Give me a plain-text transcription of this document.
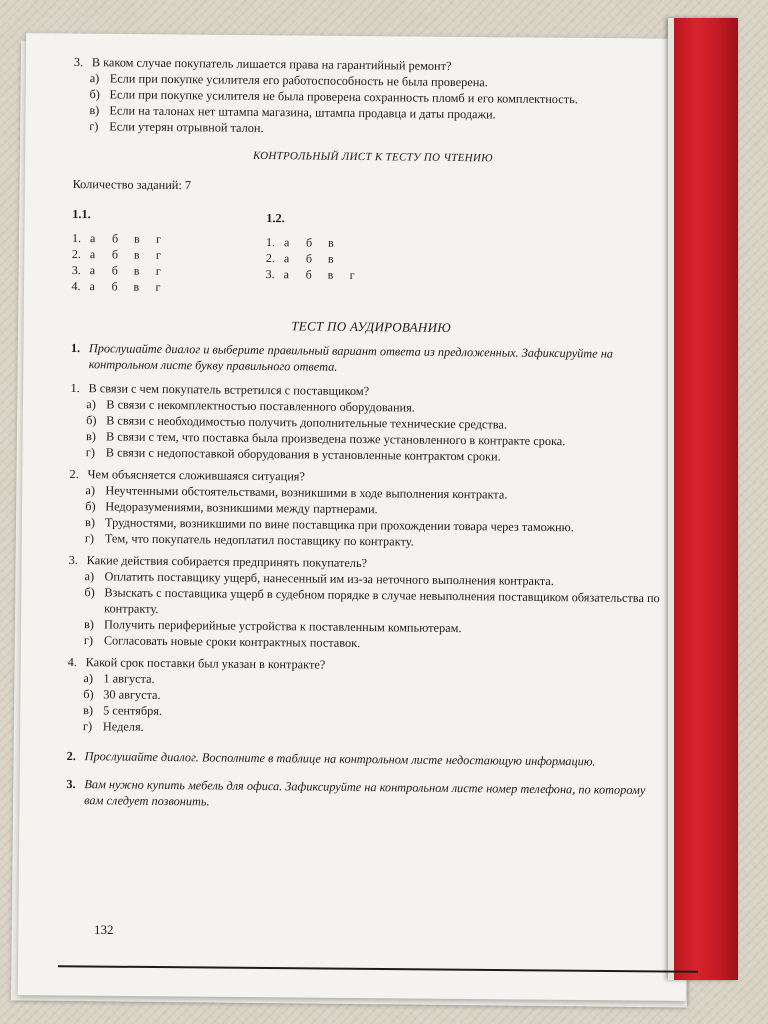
3. В каком случае покупатель лишается права на гарантийный ремонт?
а) Если при покупке усилителя его работоспособность не была проверена.
б) Если при покупке усилителя не была проверена сохранность пломб и его комплектность.
в) Если на талонах нет штампа магазина, штампа продавца и даты продажи.
г) Если утерян отрывной талон.
КОНТРОЛЬНЫЙ ЛИСТ К ТЕСТУ ПО ЧТЕНИЮ
Количество заданий: 7
1.1.
1. а	б	в	г
2. а	б	в	г
3. а	б	в	г
4. а	б	в	г
1.2.
1. а	б	в
2. а	б	в
3. а	б	в	г
ТЕСТ ПО АУДИРОВАНИЮ
1. Прослушайте диалог и выберите правильный вариант ответа из предложенных. Зафиксируйте на контрольном листе букву правильного ответа.
1. В связи с чем покупатель встретился с поставщиком?
а) В связи с некомплектностью поставленного оборудования.
б) В связи с необходимостью получить дополнительные технические средства.
в) В связи с тем, что поставка была произведена позже установленного в контракте срока.
г) В связи с недопоставкой оборудования в установленные контрактом сроки.
2. Чем объясняется сложившаяся ситуация?
а) Неучтенными обстоятельствами, возникшими в ходе выполнения контракта.
б) Недоразумениями, возникшими между партнерами.
в) Трудностями, возникшими по вине поставщика при прохождении товара через таможню.
г) Тем, что покупатель недоплатил поставщику по контракту.
3. Какие действия собирается предпринять покупатель?
а) Оплатить поставщику ущерб, нанесенный им из-за неточного выполнения контракта.
б) Взыскать с поставщика ущерб в судебном порядке в случае невыполнения поставщиком обязательства по контракту.
в) Получить периферийные устройства к поставленным компьютерам.
г) Согласовать новые сроки контрактных поставок.
4. Какой срок поставки был указан в контракте?
а) 1 августа.
б) 30 августа.
в) 5 сентября.
г) Неделя.
2. Прослушайте диалог. Восполните в таблице на контрольном листе недостающую информацию.
3. Вам нужно купить мебель для офиса. Зафиксируйте на контрольном листе номер телефона, по которому вам следует позвонить.
132
